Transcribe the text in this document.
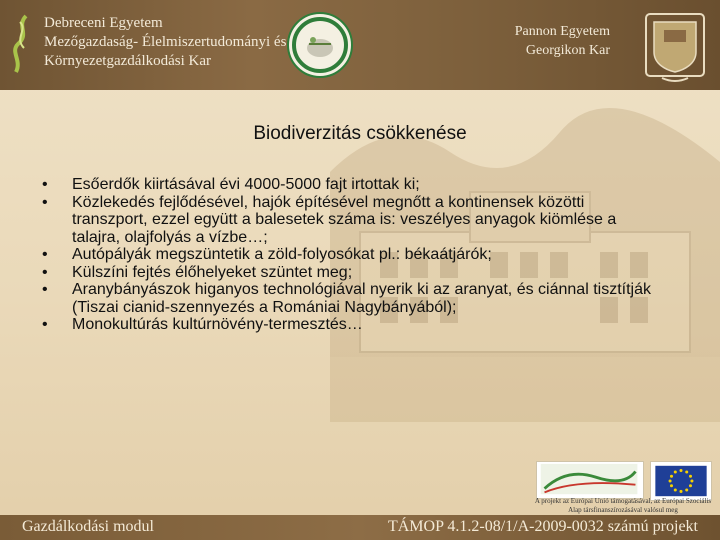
Debreceni Egyetem
Mezőgazdaság- Élelmiszertudományi és
Környezetgazdálkodási Kar
Pannon Egyetem
Georgikon Kar
Biodiverzitás csökkenése
• Esőerdők kiirtásával évi 4000-5000 fajt irtottak ki;
• Közlekedés fejlődésével, hajók építésével megnőtt a kontinensek közötti transzport, ezzel együtt a balesetek száma is: veszélyes anyagok kiömlése a talajra, olajfolyás a vízbe…;
• Autópályák megszüntetik a zöld-folyosókat pl.: békaátjárók;
• Külszíni fejtés élőhelyeket szüntet meg;
• Aranybányászok higanyos technológiával nyerik ki az aranyat, és ciánnal tisztítják (Tiszai cianid-szennyezés a Romániai Nagybányából);
• Monokultúrás kultúrnövény-termesztés…
A projekt az Európai Unió támogatásával, az Európai Szociális Alap társfinanszírozásával valósul meg
Gazdálkodási modul	TÁMOP 4.1.2-08/1/A-2009-0032 számú projekt
